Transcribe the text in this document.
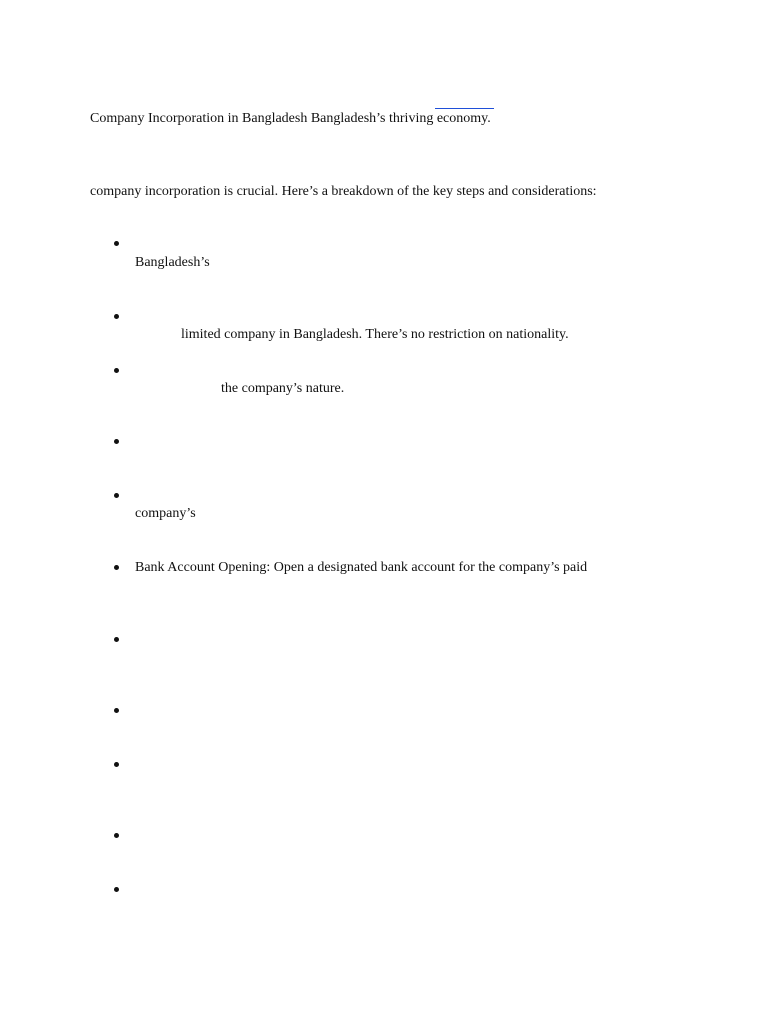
Company Incorporation in Bangladesh Bangladesh’s thriving economy.
company incorporation is crucial. Here’s a breakdown of the key steps and considerations:
Bangladesh’s
limited company in Bangladesh. There’s no restriction on nationality.
the company’s nature.
company’s
Bank Account Opening: Open a designated bank account for the company’s paid
